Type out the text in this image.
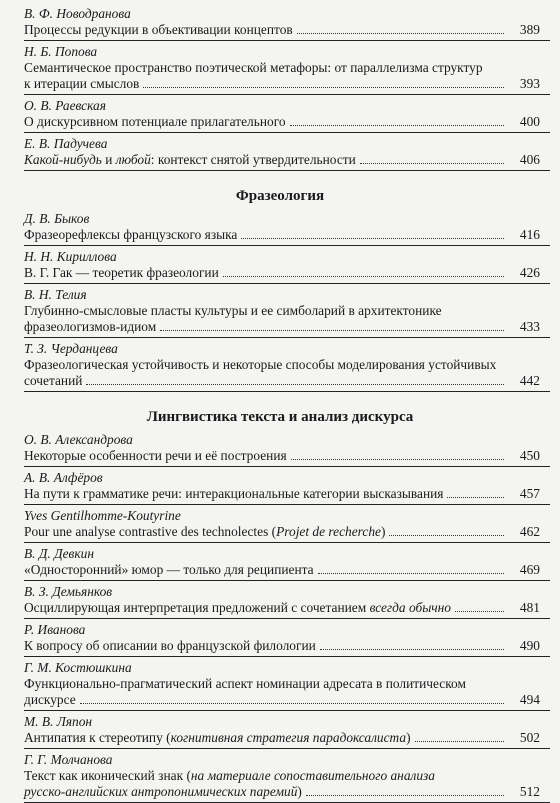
В. Ф. Новодранова
Процессы редукции в объективации концептов	389
Н. Б. Попова
Семантическое пространство поэтической метафоры: от параллелизма структур
к итерации смыслов	393
О. В. Раевская
О дискурсивном потенциале прилагательного	400
Е. В. Падучева
Какой-нибудь и любой: контекст снятой утвердительности	406
Фразеология
Д. В. Быков
Фразеорефлексы французского языка	416
Н. Н. Кириллова
В. Г. Гак — теоретик фразеологии	426
В. Н. Телия
Глубинно-смысловые пласты культуры и ее симболарий в архитектонике
фразеологизмов-идиом	433
Т. З. Черданцева
Фразеологическая устойчивость и некоторые способы моделирования устойчивых
сочетаний	442
Лингвистика текста и анализ дискурса
О. В. Александрова
Некоторые особенности речи и её построения	450
А. В. Алфёров
На пути к грамматике речи: интеракциональные категории высказывания	457
Yves Gentilhomme-Koutyrine
Pour une analyse contrastive des technolectes (Projet de recherche)	462
В. Д. Девкин
«Односторонний» юмор — только для реципиента	469
В. З. Демьянков
Осциллирующая интерпретация предложений с сочетанием всегда обычно	481
Р. Иванова
К вопросу об описании во французской филологии	490
Г. М. Костюшкина
Функционально-прагматический аспект номинации адресата в политическом
дискурсе	494
М. В. Ляпон
Антипатия к стереотипу (когнитивная стратегия парадоксалиста)	502
Г. Г. Молчанова
Текст как иконический знак (на материале сопоставительного анализа
русско-английских антропонимических паремий)	512
